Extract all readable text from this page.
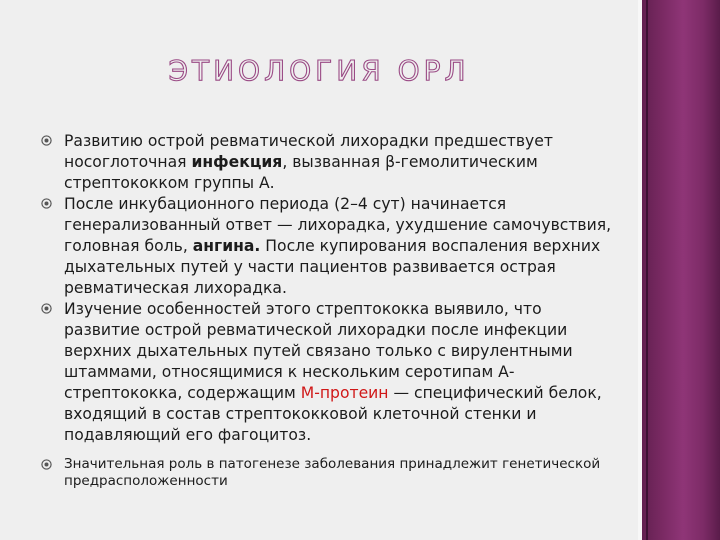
ЭТИОЛОГИЯ ОРЛ

Развитию острой ревматической лихорадки предшествует носоглоточная инфекция, вызванная β-гемолитическим стрептококком группы А.

После инкубационного периода (2–4 сут) начинается генерализованный ответ — лихорадка, ухудшение самочувствия, головная боль, ангина. После купирования воспаления верхних дыхательных путей у части пациентов развивается острая ревматическая лихорадка.

Изучение особенностей этого стрептококка выявило, что развитие острой ревматической лихорадки после инфекции верхних дыхательных путей связано только с вирулентными штаммами, относящимися к нескольким серотипам А-стрептококка, содержащим М-протеин — специфический белок, входящий в состав стрептококковой клеточной стенки и подавляющий его фагоцитоз.

Значительная роль в патогенезе заболевания принадлежит генетической предрасположенности
